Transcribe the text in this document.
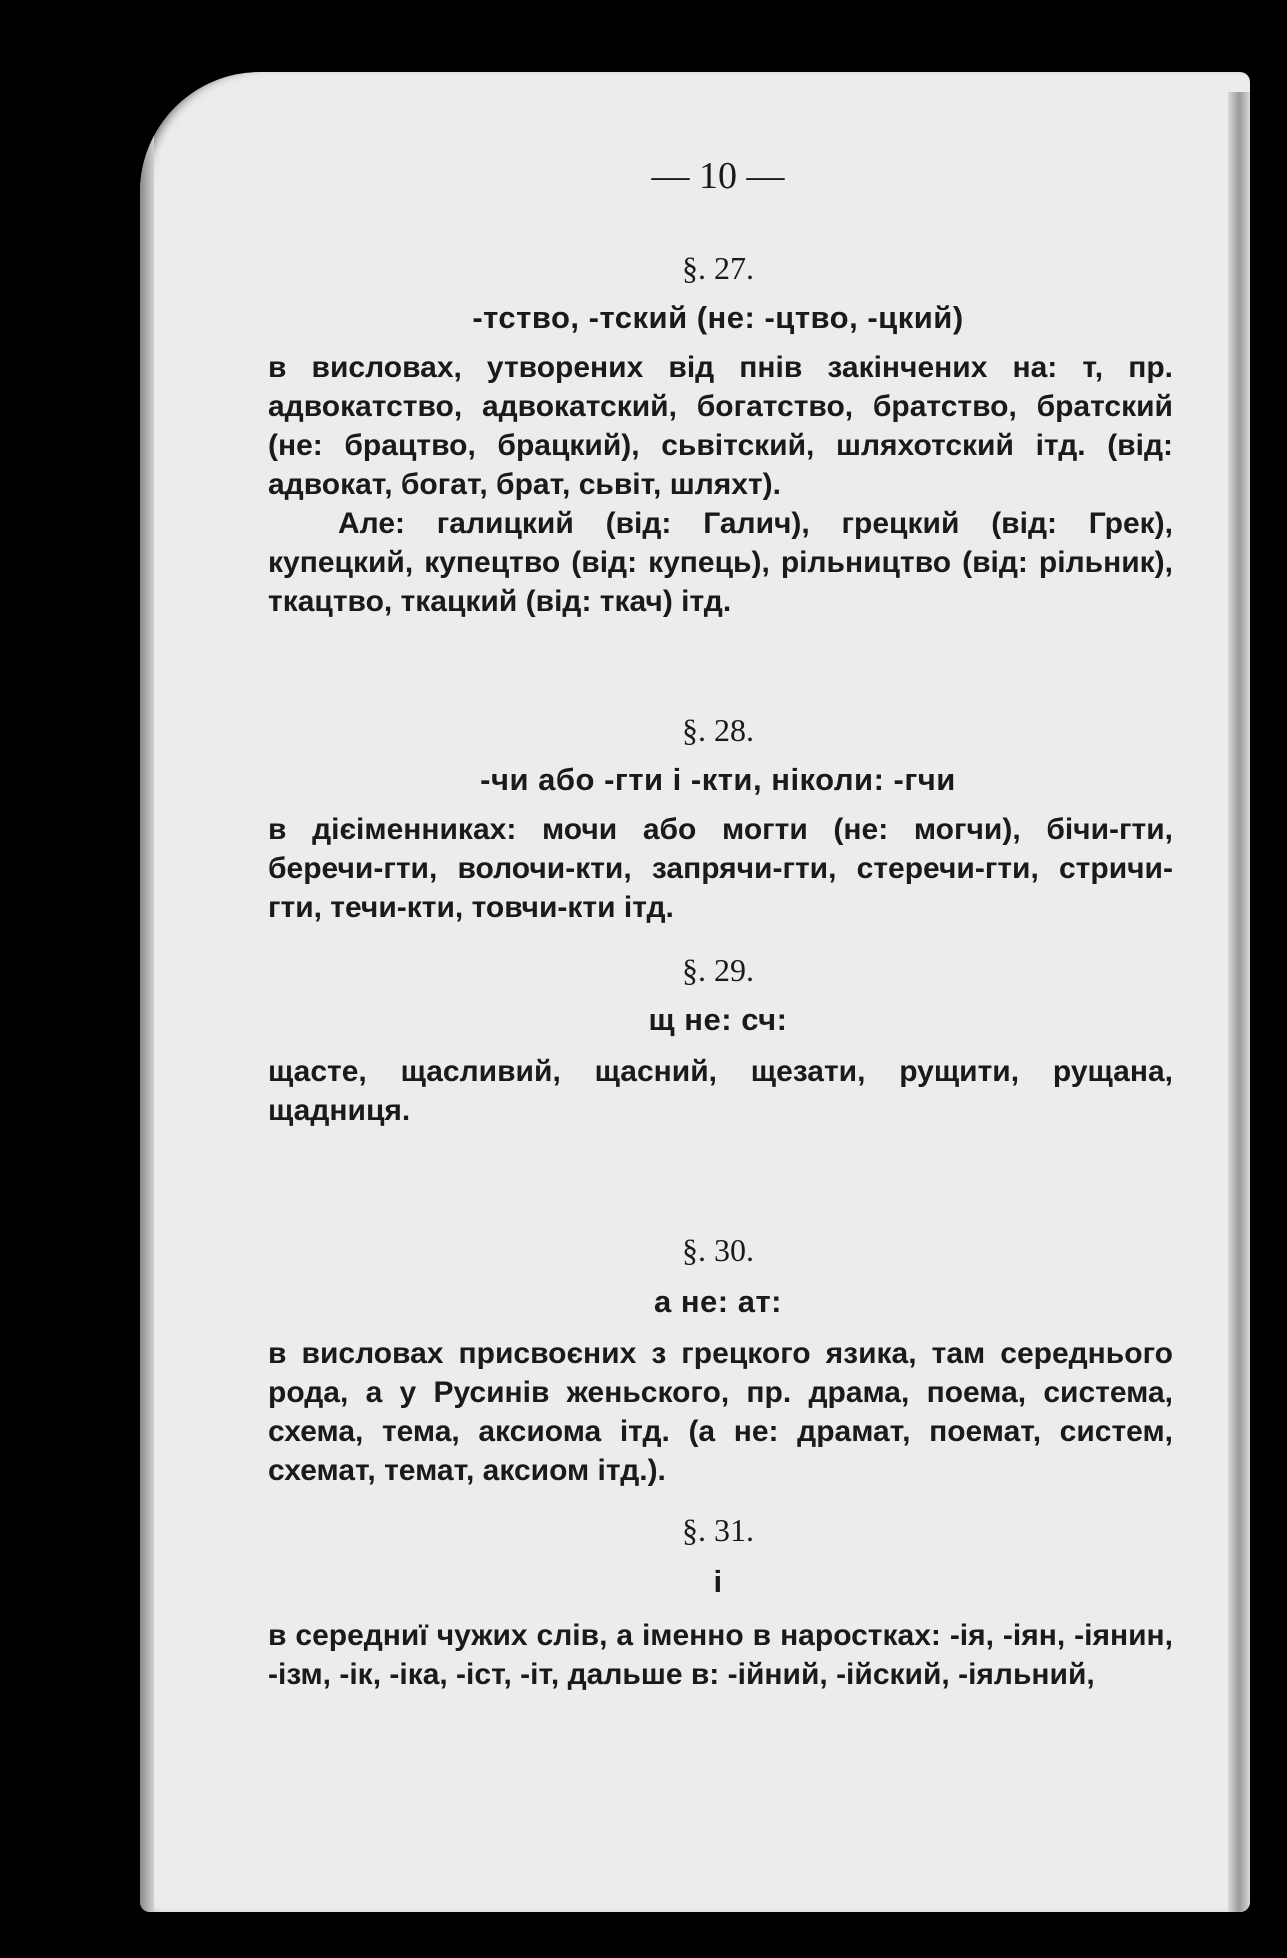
— 10 —
§. 27.
-тство, -тский (не: -цтво, -цкий)

в висловах, утворених від пнів закінчених на: т, пр. адвокатство, адвокатский, богатство, братство, братский (не: брацтво, брацкий), сьвітский, шляхотский ітд. (від: адвокат, богат, брат, сьвіт, шляхт).

Але: галицкий (від: Галич), грецкий (від: Грек), купецкий, купецтво (від: купець), рільництво (від: рільник), ткацтво, ткацкий (від: ткач) ітд.

§. 28.
-чи або -гти і -кти, ніколи: -гчи

в дієіменниках: мочи або могти (не: могчи), бічи-гти, беречи-гти, волочи-кти, запрячи-гти, стеречи-гти, стричи-гти, течи-кти, товчи-кти ітд.

§. 29.
щ не: сч:

щасте, щасливий, щасний, щезати, рущити, рущана, щадниця.

§. 30.
а не: ат:

в висловах присвоєних з грецкого язика, там середнього рода, а у Русинів женьского, пр. драма, поема, система, схема, тема, аксиома ітд. (а не: драмат, поемат, систем, схемат, темат, аксиом ітд.).

§. 31.
і

в середниї чужих слів, а іменно в наростках: -ія, -іян, -іянин, -ізм, -ік, -іка, -іст, -іт, дальше в: -ійний, -ійский, -іяльний,
